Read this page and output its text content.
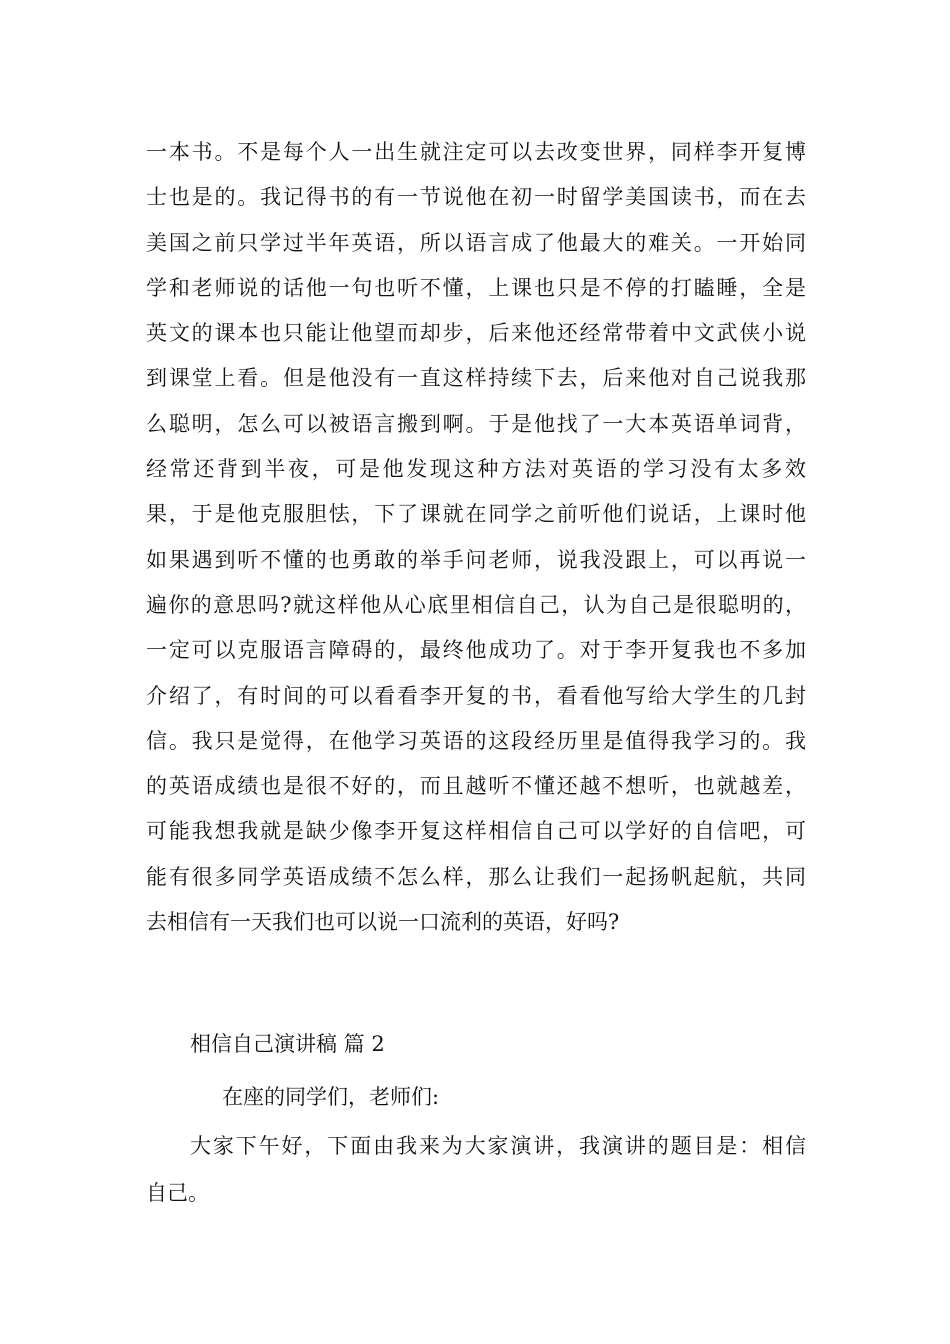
一本书。不是每个人一出生就注定可以去改变世界，同样李开复博
士也是的。我记得书的有一节说他在初一时留学美国读书，而在去
美国之前只学过半年英语，所以语言成了他最大的难关。一开始同
学和老师说的话他一句也听不懂，上课也只是不停的打瞌睡，全是
英文的课本也只能让他望而却步，后来他还经常带着中文武侠小说
到课堂上看。但是他没有一直这样持续下去，后来他对自己说我那
么聪明，怎么可以被语言搬到啊。于是他找了一大本英语单词背，
经常还背到半夜，可是他发现这种方法对英语的学习没有太多效
果，于是他克服胆怯，下了课就在同学之前听他们说话，上课时他
如果遇到听不懂的也勇敢的举手问老师，说我没跟上，可以再说一
遍你的意思吗?就这样他从心底里相信自己，认为自己是很聪明的，
一定可以克服语言障碍的，最终他成功了。对于李开复我也不多加
介绍了，有时间的可以看看李开复的书，看看他写给大学生的几封
信。我只是觉得，在他学习英语的这段经历里是值得我学习的。我
的英语成绩也是很不好的，而且越听不懂还越不想听，也就越差，
可能我想我就是缺少像李开复这样相信自己可以学好的自信吧，可
能有很多同学英语成绩不怎么样，那么让我们一起扬帆起航，共同
去相信有一天我们也可以说一口流利的英语，好吗?
相信自己演讲稿 篇 2
在座的同学们，老师们:
大家下午好，下面由我来为大家演讲，我演讲的题目是：相信
自己。
